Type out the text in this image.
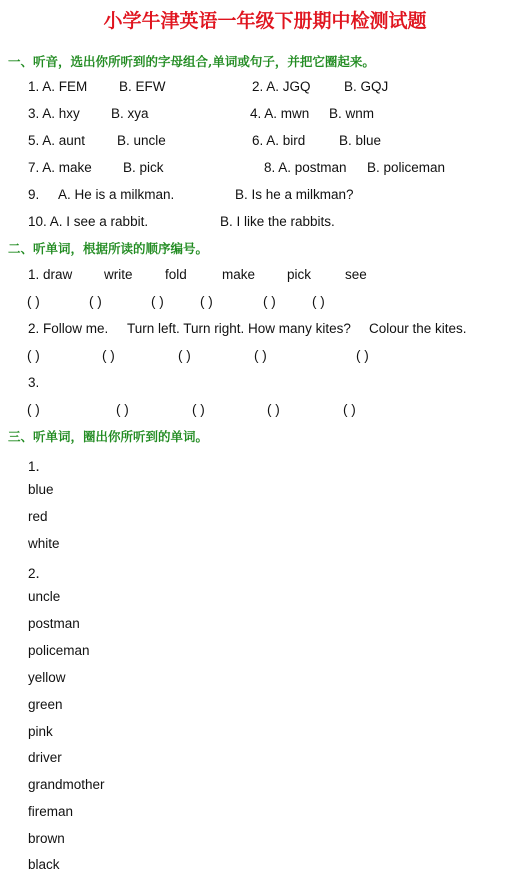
小学牛津英语一年级下册期中检测试题
一、听音，选出你所听到的字母组合,单词或句子，并把它圈起来。
1. A. FEM B. EFW	2. A. JGQ B. GQJ
3. A. hxy B. xya	4. A. mwn B. wnm
5. A. aunt B. uncle	6. A. bird B. blue
7. A. make B. pick	8. A. postman B. policeman
9. A. He is a milkman.	B. Is he a milkman?
10. A. I see a rabbit.	B. I like the rabbits.
二、听单词，根据所读的顺序编号。
1. draw write fold	make pick	see
( )	( )	( )	( )	( )	( )
2. Follow me. Turn left. Turn right. How many kites? Colour the kites.
( )	( )	( )	( )	( )
3.
( )	( )	( )	( )	( )
三、听单词，圈出你所听到的单词。
1．
blue
red
white
2．
uncle
postman
policeman
yellow
green
pink
driver
grandmother
fireman
brown
black
